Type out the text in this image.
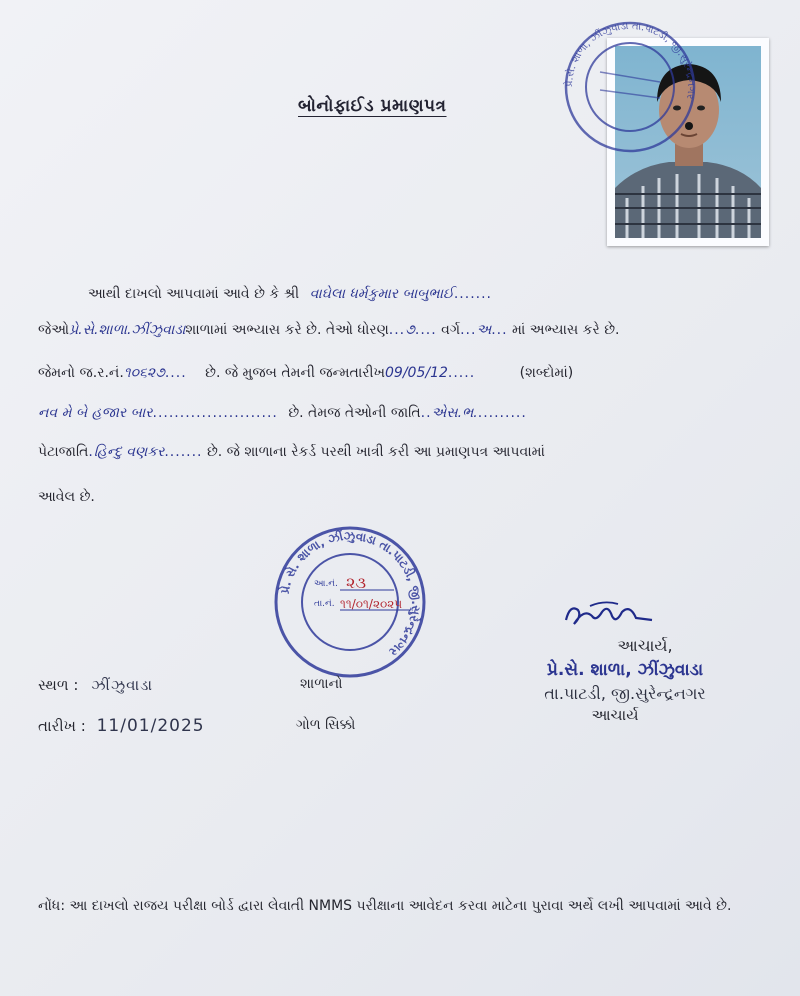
બોનોફાઈડ પ્રમાણપત્ર
પ્રે.સે. શાળા, ઝીંઝુવાડા તા.પાટડી, જી.સુરેન્દ્રનગર
આથી દાખલો આપવામાં આવે છે કે શ્રી વાઘેલા ધર્મકુમાર બાબુભાઈ.......
જેઓપ્રે.સે.શાળા.ઝીંઝુવાડાશાળામાં અભ્યાસ કરે છે. તેઓ ધોરણ...૭.... વર્ગ...અ... માં અભ્યાસ કરે છે.
જેમનો જ.ર.નં.૧૦૬૨૭.... છે. જે મુજબ તેમની જન્મતારીખ09/05/12.....	(શબ્દોમાં)
નવ મે બે હજાર બાર....................... છે. તેમજ તેઓની જાતિ..એસ.ભ..........
પેટાજાતિ.હિન્દુ વણકર....... છે. જે શાળાના રેકર્ડ પરથી ખાત્રી કરી આ પ્રમાણપત્ર આપવામાં
આવેલ છે.
પ્રે. સે. શાળા, ઝીંઝુવાડા તા.પાટડી, જી.સુરેન્દ્રનગર
આ.નં. ૨૩
તા.નં. ૧૧/૦૧/૨૦૨૫
આચાર્ય,
પ્રે.સે. શાળા, ઝીંઝુવાડા
તા.પાટડી, જી.સુરેન્દ્રનગર
આચાર્ય
સ્થળ : ઝીંઝુવાડા
તારીખ : 11/01/2025
શાળાનો
ગોળ સિક્કો
નોંધ: આ દાખલો રાજય પરીક્ષા બોર્ડ દ્વારા લેવાતી NMMS પરીક્ષાના આવેદન કરવા માટેના પુરાવા અર્થે લખી આપવામાં આવે છે.
